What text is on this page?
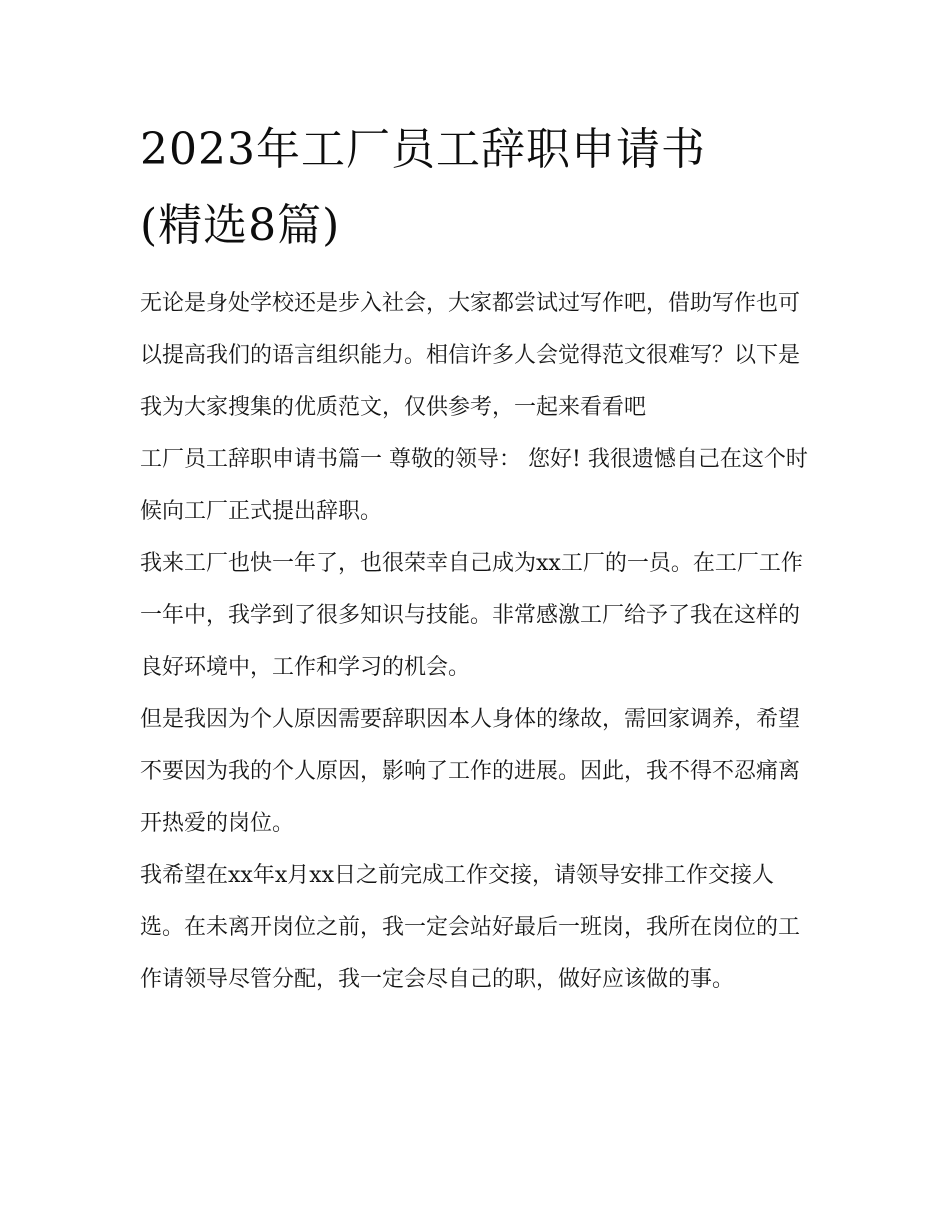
2023年工厂员工辞职申请书
(精选8篇)

无论是身处学校还是步入社会，大家都尝试过写作吧，借助写作也可以提高我们的语言组织能力。相信许多人会觉得范文很难写？以下是我为大家搜集的优质范文，仅供参考，一起来看看吧

工厂员工辞职申请书篇一 尊敬的领导： 您好! 我很遗憾自己在这个时候向工厂正式提出辞职。

我来工厂也快一年了，也很荣幸自己成为xx工厂的一员。在工厂工作一年中，我学到了很多知识与技能。非常感激工厂给予了我在这样的良好环境中，工作和学习的机会。

但是我因为个人原因需要辞职因本人身体的缘故，需回家调养，希望不要因为我的个人原因，影响了工作的进展。因此，我不得不忍痛离开热爱的岗位。

我希望在xx年x月xx日之前完成工作交接，请领导安排工作交接人选。在未离开岗位之前，我一定会站好最后一班岗，我所在岗位的工作请领导尽管分配，我一定会尽自己的职，做好应该做的事。
